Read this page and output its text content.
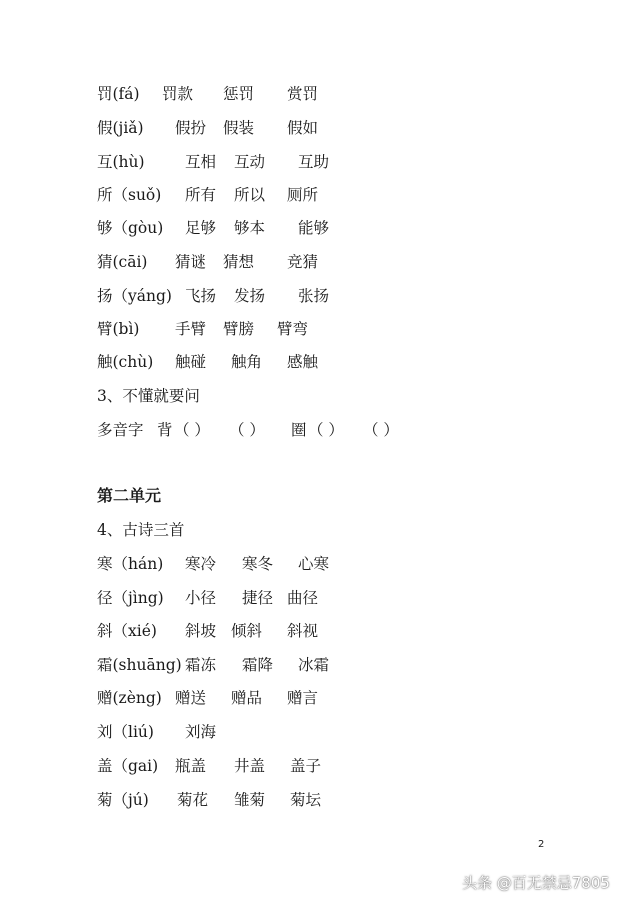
罚(fá) 罚款 惩罚 赏罚
假(jiǎ) 假扮 假装 假如
互(hù)	互相 互动 互助
所（suǒ) 所有 所以 厕所
够（gòu) 足够 够本 能够
猜(cāi) 猜谜 猜想 竞猜
扬（yáng) 飞扬 发扬 张扬
臂(bì) 手臂 臂膀 臂弯
触(chù) 触碰 触角 感触
3、不懂就要问
多音字 背 （ ） （ ） 圈 （ ） （ ）
第二单元
4、古诗三首
寒（hán) 寒冷 寒冬 心寒
径（jìng) 小径 捷径 曲径
斜（xié) 斜坡 倾斜 斜视
霜(shuāng) 霜冻 霜降 冰霜
赠(zèng) 赠送 赠品 赠言
刘（liú) 刘海
盖（gai) 瓶盖 井盖 盖子
菊（jú) 菊花 雏菊 菊坛
2
头条 @百无禁忌7805
